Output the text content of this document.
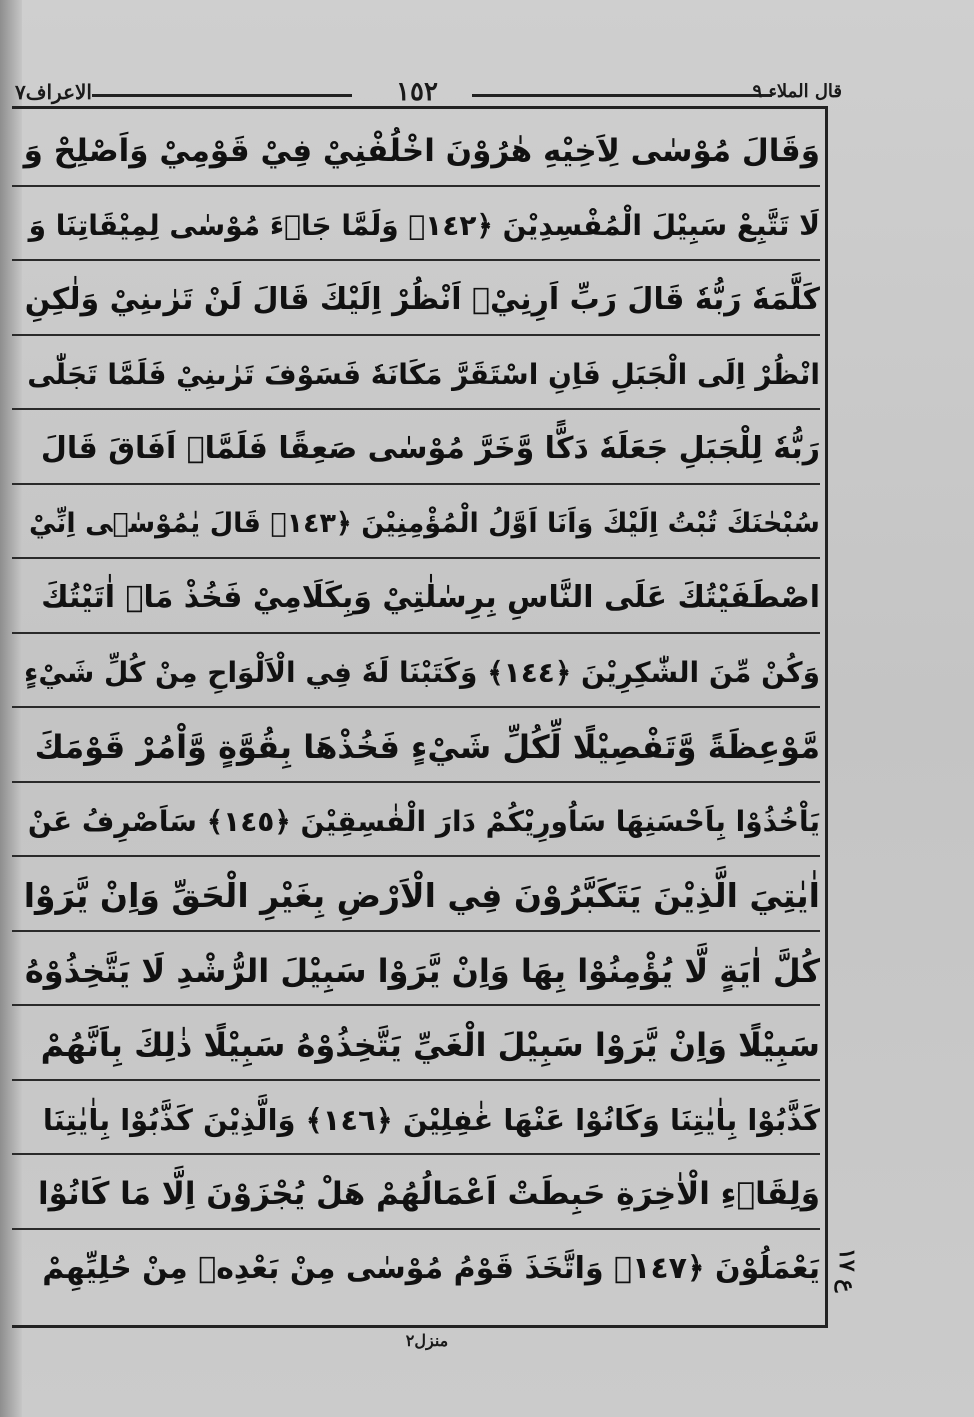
الاعراف٧	١٥٢	قال الملاء ٩
وَقَالَ مُوْسٰى لِاَخِيْهِ هٰرُوْنَ اخْلُفْنِيْ فِيْ قَوْمِيْ وَاَصْلِحْ وَ
لَا تَتَّبِعْ سَبِيْلَ الْمُفْسِدِيْنَ ﴿١٤٢﴾ وَلَمَّا جَاۤءَ مُوْسٰى لِمِيْقَاتِنَا وَ
كَلَّمَهٗ رَبُّهٗ قَالَ رَبِّ اَرِنِيْۤ اَنْظُرْ اِلَيْكَ قَالَ لَنْ تَرٰىنِيْ وَلٰكِنِ
انْظُرْ اِلَى الْجَبَلِ فَاِنِ اسْتَقَرَّ مَكَانَهٗ فَسَوْفَ تَرٰىنِيْ فَلَمَّا تَجَلّٰى
رَبُّهٗ لِلْجَبَلِ جَعَلَهٗ دَكًّا وَّخَرَّ مُوْسٰى صَعِقًا فَلَمَّاۤ اَفَاقَ قَالَ
سُبْحٰنَكَ تُبْتُ اِلَيْكَ وَاَنَا اَوَّلُ الْمُؤْمِنِيْنَ ﴿١٤٣﴾ قَالَ يٰمُوْسٰۤى اِنِّيْ
اصْطَفَيْتُكَ عَلَى النَّاسِ بِرِسٰلٰتِيْ وَبِكَلَامِيْ فَخُذْ مَاۤ اٰتَيْتُكَ
وَكُنْ مِّنَ الشّٰكِرِيْنَ ﴿١٤٤﴾ وَكَتَبْنَا لَهٗ فِي الْاَلْوَاحِ مِنْ كُلِّ شَيْءٍ
مَّوْعِظَةً وَّتَفْصِيْلًا لِّكُلِّ شَيْءٍ فَخُذْهَا بِقُوَّةٍ وَّاْمُرْ قَوْمَكَ
يَاْخُذُوْا بِاَحْسَنِهَا سَاُورِيْكُمْ دَارَ الْفٰسِقِيْنَ ﴿١٤٥﴾ سَاَصْرِفُ عَنْ
اٰيٰتِيَ الَّذِيْنَ يَتَكَبَّرُوْنَ فِي الْاَرْضِ بِغَيْرِ الْحَقِّ وَاِنْ يَّرَوْا
كُلَّ اٰيَةٍ لَّا يُؤْمِنُوْا بِهَا وَاِنْ يَّرَوْا سَبِيْلَ الرُّشْدِ لَا يَتَّخِذُوْهُ
سَبِيْلًا وَاِنْ يَّرَوْا سَبِيْلَ الْغَيِّ يَتَّخِذُوْهُ سَبِيْلًا ذٰلِكَ بِاَنَّهُمْ
كَذَّبُوْا بِاٰيٰتِنَا وَكَانُوْا عَنْهَا غٰفِلِيْنَ ﴿١٤٦﴾ وَالَّذِيْنَ كَذَّبُوْا بِاٰيٰتِنَا
وَلِقَاۤءِ الْاٰخِرَةِ حَبِطَتْ اَعْمَالُهُمْ هَلْ يُجْزَوْنَ اِلَّا مَا كَانُوْا
يَعْمَلُوْنَ ﴿١٤٧﴾ وَاتَّخَذَ قَوْمُ مُوْسٰى مِنْ بَعْدِهٖ مِنْ حُلِيِّهِمْ ع ١٧
منزل٢
